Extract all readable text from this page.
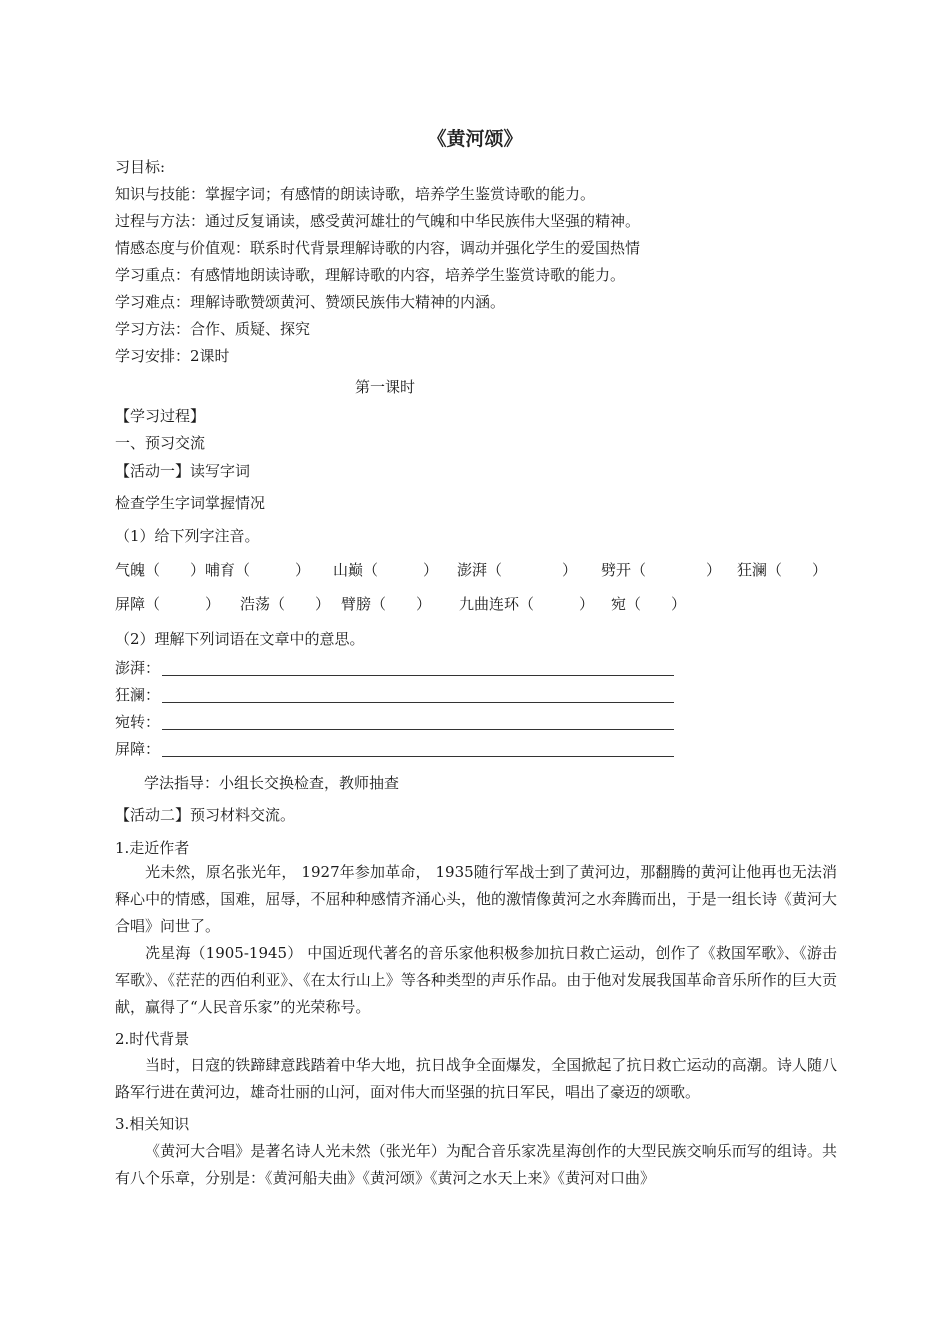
《黄河颂》
习目标:
知识与技能：掌握字词；有感情的朗读诗歌，培养学生鉴赏诗歌的能力。
过程与方法：通过反复诵读，感受黄河雄壮的气魄和中华民族伟大坚强的精神。
情感态度与价值观：联系时代背景理解诗歌的内容，调动并强化学生的爱国热情
学习重点：有感情地朗读诗歌，理解诗歌的内容，培养学生鉴赏诗歌的能力。
学习难点：理解诗歌赞颂黄河、赞颂民族伟大精神的内涵。
学习方法：合作、质疑、探究
学习安排：2课时
第一课时
【学习过程】
一、预习交流
【活动一】读写字词
检查学生字词掌握情况
（1）给下列字注音。
气魄（　　） 哺育（　　　） 山巅（　　　） 澎湃（　　　　） 劈开（　　　　） 狂澜（　　）
屏障（　　　） 浩荡（　　） 臂膀（　　） 九曲连环（　　　） 宛（　　）
（2）理解下列词语在文章中的意思。
澎湃：
狂澜：
宛转：
屏障：
学法指导：小组长交换检查，教师抽查
【活动二】预习材料交流。
1.走近作者
光未然，原名张光年， 1927年参加革命， 1935随行军战士到了黄河边，那翻腾的黄河让他再也无法消释心中的情感，国难，屈辱，不屈种种感情齐涌心头，他的激情像黄河之水奔腾而出，于是一组长诗《黄河大合唱》问世了。
冼星海（1905-1945） 中国近现代著名的音乐家他积极参加抗日救亡运动，创作了《救国军歌》、《游击军歌》、《茫茫的西伯利亚》、《在太行山上》等各种类型的声乐作品。由于他对发展我国革命音乐所作的巨大贡献，赢得了“人民音乐家”的光荣称号。
2.时代背景
当时，日寇的铁蹄肆意践踏着中华大地，抗日战争全面爆发，全国掀起了抗日救亡运动的高潮。诗人随八路军行进在黄河边，雄奇壮丽的山河，面对伟大而坚强的抗日军民，唱出了豪迈的颂歌。
3.相关知识
《黄河大合唱》是著名诗人光未然（张光年）为配合音乐家冼星海创作的大型民族交响乐而写的组诗。共有八个乐章，分别是：《黄河船夫曲》《黄河颂》《黄河之水天上来》《黄河对口曲》
